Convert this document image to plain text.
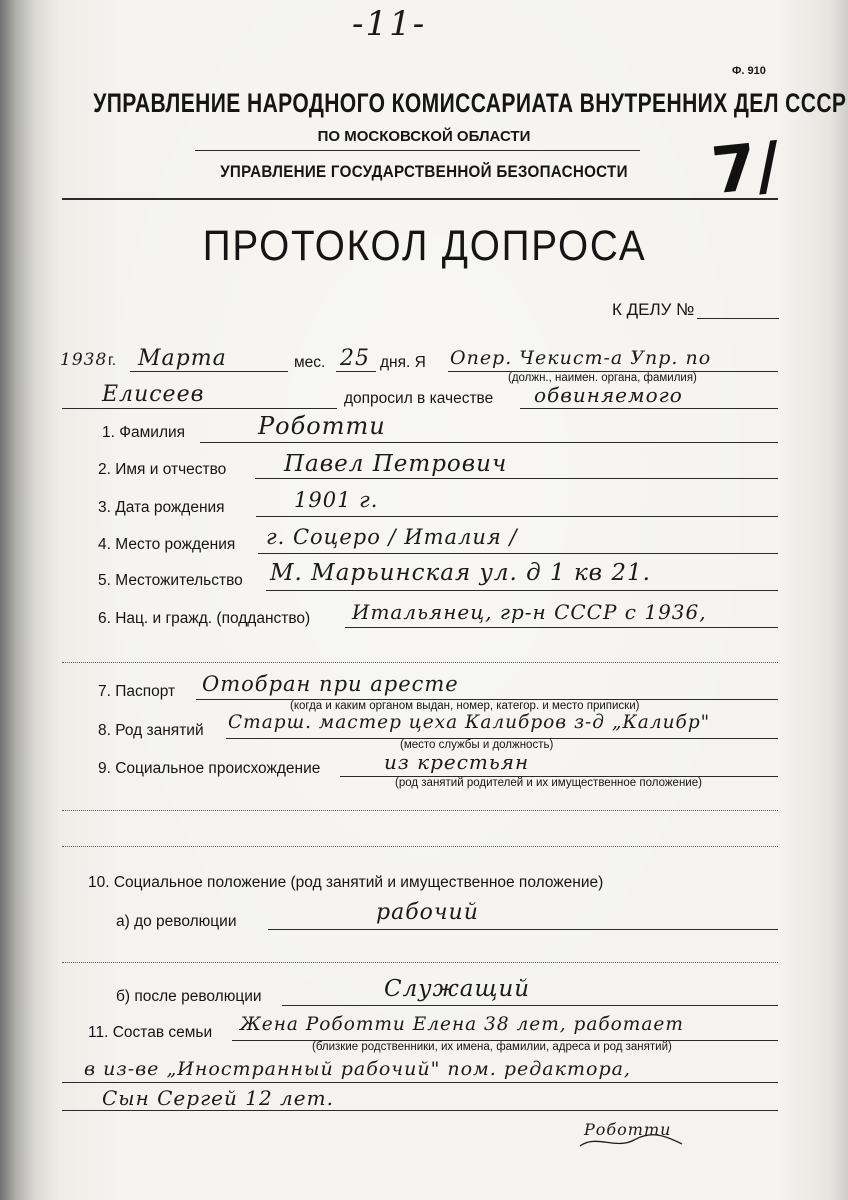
-11-
Ф. 910
УПРАВЛЕНИЕ НАРОДНОГО КОМИССАРИАТА ВНУТРЕННИХ ДЕЛ СССР
ПО МОСКОВСКОЙ ОБЛАСТИ
УПРАВЛЕНИЕ ГОСУДАРСТВЕННОЙ БЕЗОПАСНОСТИ	7/
ПРОТОКОЛ ДОПРОСА
К ДЕЛУ №
1938 г. Марта	мес. 25 дня. Я Опер. Чекист-а Упр. по
(должн., наимен. органа, фамилия)
Елисеев	допросил в качестве обвиняемого
1. Фамилия	Роботти
2. Имя и отчество	Павел Петрович
3. Дата рождения	1901 г.
4. Место рождения г. Соцеро / Италия /
5. Местожительство М. Марьинская ул. д 1 кв 21.
6. Нац. и гражд. (подданство) Итальянец, гр-н СССР с 1936,
7. Паспорт Отобран при аресте
(когда и каким органом выдан, номер, категор. и место приписки)
8. Род занятий Старш. мастер цеха Калибров з-д „Калибр"
(место службы и должность)
9. Социальное происхождение	из крестьян
(род занятий родителей и их имущественное положение)
10. Социальное положение (род занятий и имущественное положение)
а) до революции	рабочий
б) после революции	Служащий
11. Состав семьи Жена Роботти Елена 38 лет, работает
(близкие родственники, их имена, фамилии, адреса и род занятий)
в из-ве „Иностранный рабочий" пом. редактора,
Сын Сергей 12 лет.
Роботти
